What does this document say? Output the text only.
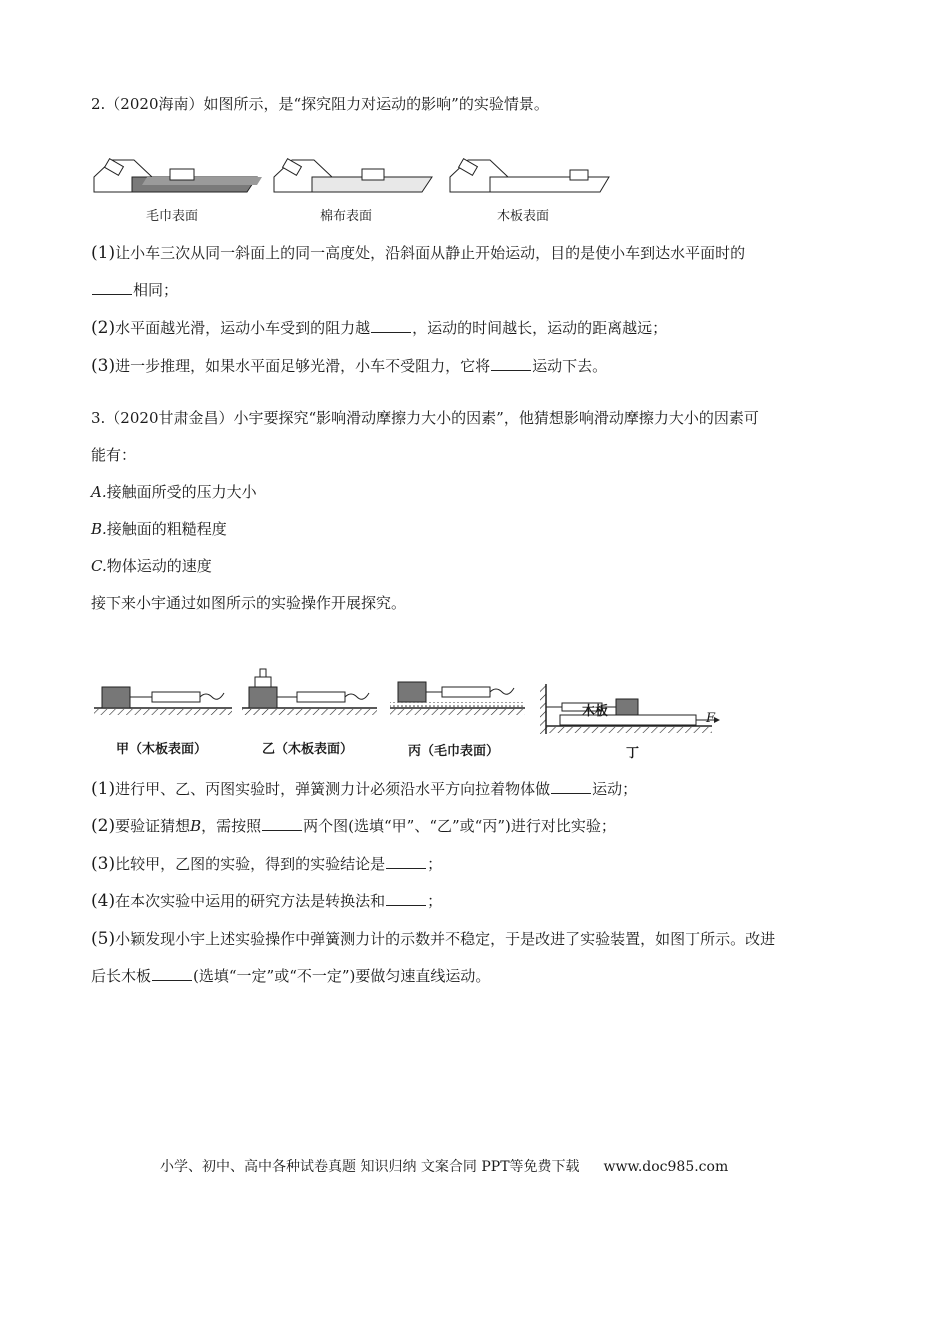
2.（2020海南）如图所示，是“探究阻力对运动的影响”的实验情景。
毛巾表面	棉布表面	木板表面
(1)让小车三次从同一斜面上的同一高度处，沿斜面从静止开始运动，目的是使小车到达水平面时的
相同；
(2)水平面越光滑，运动小车受到的阻力越	，运动的时间越长，运动的距离越远；
(3)进一步推理，如果水平面足够光滑，小车不受阻力，它将	运动下去。
3.（2020甘肃金昌）小宇要探究“影响滑动摩擦力大小的因素”，他猜想影响滑动摩擦力大小的因素可
能有：
A.接触面所受的压力大小
B.接触面的粗糙程度
C.物体运动的速度
接下来小宇通过如图所示的实验操作开展探究。
木板	F
甲（木板表面）	乙（木板表面）	丙（毛巾表面）	丁
(1)进行甲、乙、丙图实验时，弹簧测力计必须沿水平方向拉着物体做	运动；
(2)要验证猜想B，需按照	两个图(选填“甲”、“乙”或“丙”)进行对比实验；
(3)比较甲，乙图的实验，得到的实验结论是	；
(4)在本次实验中运用的研究方法是转换法和	；
(5)小颖发现小宇上述实验操作中弹簧测力计的示数并不稳定，于是改进了实验装置，如图丁所示。改进
后长木板	(选填“一定”或“不一定”)要做匀速直线运动。
小学、初中、高中各种试卷真题 知识归纳 文案合同 PPT等免费下载 www.doc985.com
